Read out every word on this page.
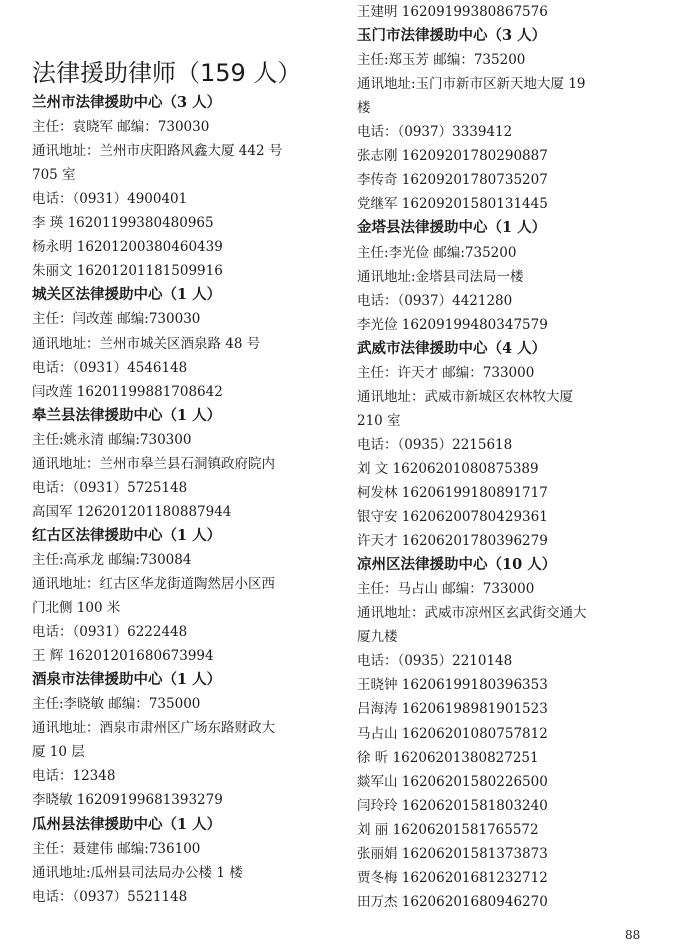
法律援助律师（159 人）
兰州市法律援助中心（3 人）
主任：袁晓军 邮编：730030
通讯地址：兰州市庆阳路风鑫大厦 442 号
705 室
电话：（0931）4900401
李 瑛 16201199380480965
杨永明 16201200380460439
朱丽文 16201201181509916
城关区法律援助中心（1 人）
主任：闫改莲 邮编:730030
通讯地址：兰州市城关区酒泉路 48 号
电话：（0931）4546148
闫改莲 16201199881708642
皋兰县法律援助中心（1 人）
主任:姚永清 邮编:730300
通讯地址：兰州市皋兰县石洞镇政府院内
电话：（0931）5725148
高国军 126201201180887944
红古区法律援助中心（1 人）
主任:高承龙 邮编:730084
通讯地址：红古区华龙街道陶然居小区西
门北侧 100 米
电话：（0931）6222448
王 辉 16201201680673994
酒泉市法律援助中心（1 人）
主任:李晓敏 邮编：735000
通讯地址：酒泉市肃州区广场东路财政大
厦 10 层
电话：12348
李晓敏 16209199681393279
瓜州县法律援助中心（1 人）
主任：聂建伟 邮编:736100
通讯地址:瓜州县司法局办公楼 1 楼
电话：（0937）5521148
王建明 16209199380867576
玉门市法律援助中心（3 人）
主任:郑玉芳 邮编：735200
通讯地址:玉门市新市区新天地大厦 19
楼
电话：（0937）3339412
张志刚 16209201780290887
李传奇 16209201780735207
党继军 16209201580131445
金塔县法律援助中心（1 人）
主任:李光俭 邮编:735200
通讯地址:金塔县司法局一楼
电话：（0937）4421280
李光俭 16209199480347579
武威市法律援助中心（4 人）
主任：许天才 邮编：733000
通讯地址：武威市新城区农林牧大厦
210 室
电话：（0935）2215618
刘 文 16206201080875389
柯发林 16206199180891717
银守安 16206200780429361
许天才 16206201780396279
凉州区法律援助中心（10 人）
主任：马占山 邮编：733000
通讯地址：武威市凉州区玄武街交通大
厦九楼
电话：（0935）2210148
王晓钟 16206199180396353
吕海涛 16206198981901523
马占山 16206201080757812
徐 昕 16206201380827251
燚军山 16206201580226500
闫玲玲 16206201581803240
刘 丽 16206201581765572
张丽娟 16206201581373873
贾冬梅 16206201681232712
田万杰 16206201680946270
88
